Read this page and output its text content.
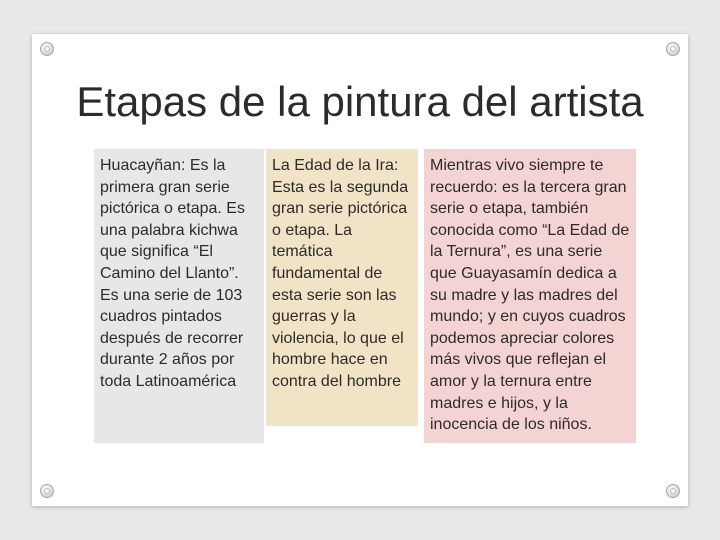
Etapas de la pintura del artista

Huacayñan: Es la primera gran serie pictórica o etapa. Es una palabra kichwa que significa “El Camino del Llanto”. Es una serie de 103 cuadros pintados después de recorrer durante 2 años por toda Latinoamérica

La Edad de la Ira: Esta es la segunda gran serie pictórica o etapa. La temática fundamental de esta serie son las guerras y la violencia, lo que el hombre hace en contra del hombre

Mientras vivo siempre te recuerdo: es la tercera gran serie o etapa, también conocida como “La Edad de la Ternura”, es una serie que Guayasamín dedica a su madre y las madres del mundo; y en cuyos cuadros podemos apreciar colores más vivos que reflejan el amor y la ternura entre madres e hijos, y la inocencia de los niños.
